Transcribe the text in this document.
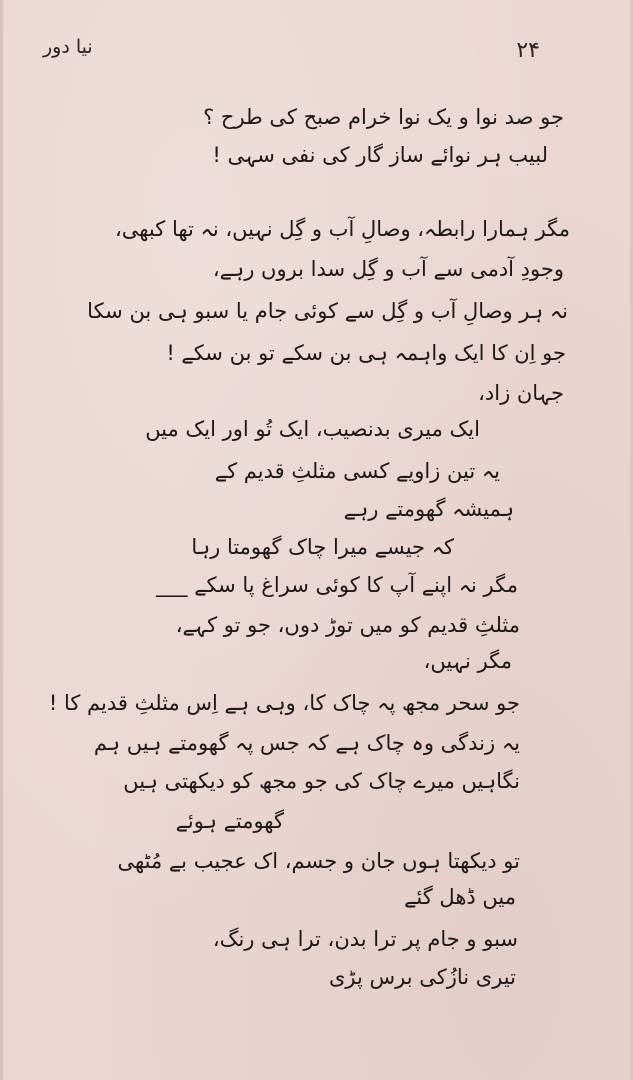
نیا دور	۲۴
جو صد نوا و یک نوا خرام صبح کی طرح ؟
لبیب ہر نوائے ساز گار کی نفی سہی !
مگر ہمارا رابطہ، وصالِ آب و گِل نہیں، نہ تھا کبھی،
وجودِ آدمی سے آب و گِل سدا بروں رہے،
نہ ہر وصالِ آب و گِل سے کوئی جام یا سبو ہی بن سکا
جو اِن کا ایک واہمہ ہی بن سکے تو بن سکے !
جہان زاد،
ایک میری بدنصیب، ایک تُو اور ایک میں
یہ تین زاویے کسی مثلثِ قدیم کے
ہمیشہ گھومتے رہے
کہ جیسے میرا چاک گھومتا رہا
مگر نہ اپنے آپ کا کوئی سراغ پا سکے ___
مثلثِ قدیم کو میں توڑ دوں، جو تو کہے،
مگر نہیں،
جو سحر مجھ پہ چاک کا، وہی ہے اِس مثلثِ قدیم کا !
یہ زندگی وہ چاک ہے کہ جس پہ گھومتے ہیں ہم
نگاہیں میرے چاک کی جو مجھ کو دیکھتی ہیں
گھومتے ہوئے
تو دیکھتا ہوں جان و جسم، اک عجیب بے مُٹھی
میں ڈھل گئے
سبو و جام پر ترا بدن، ترا ہی رنگ،
تیری نازُکی برس پڑی
